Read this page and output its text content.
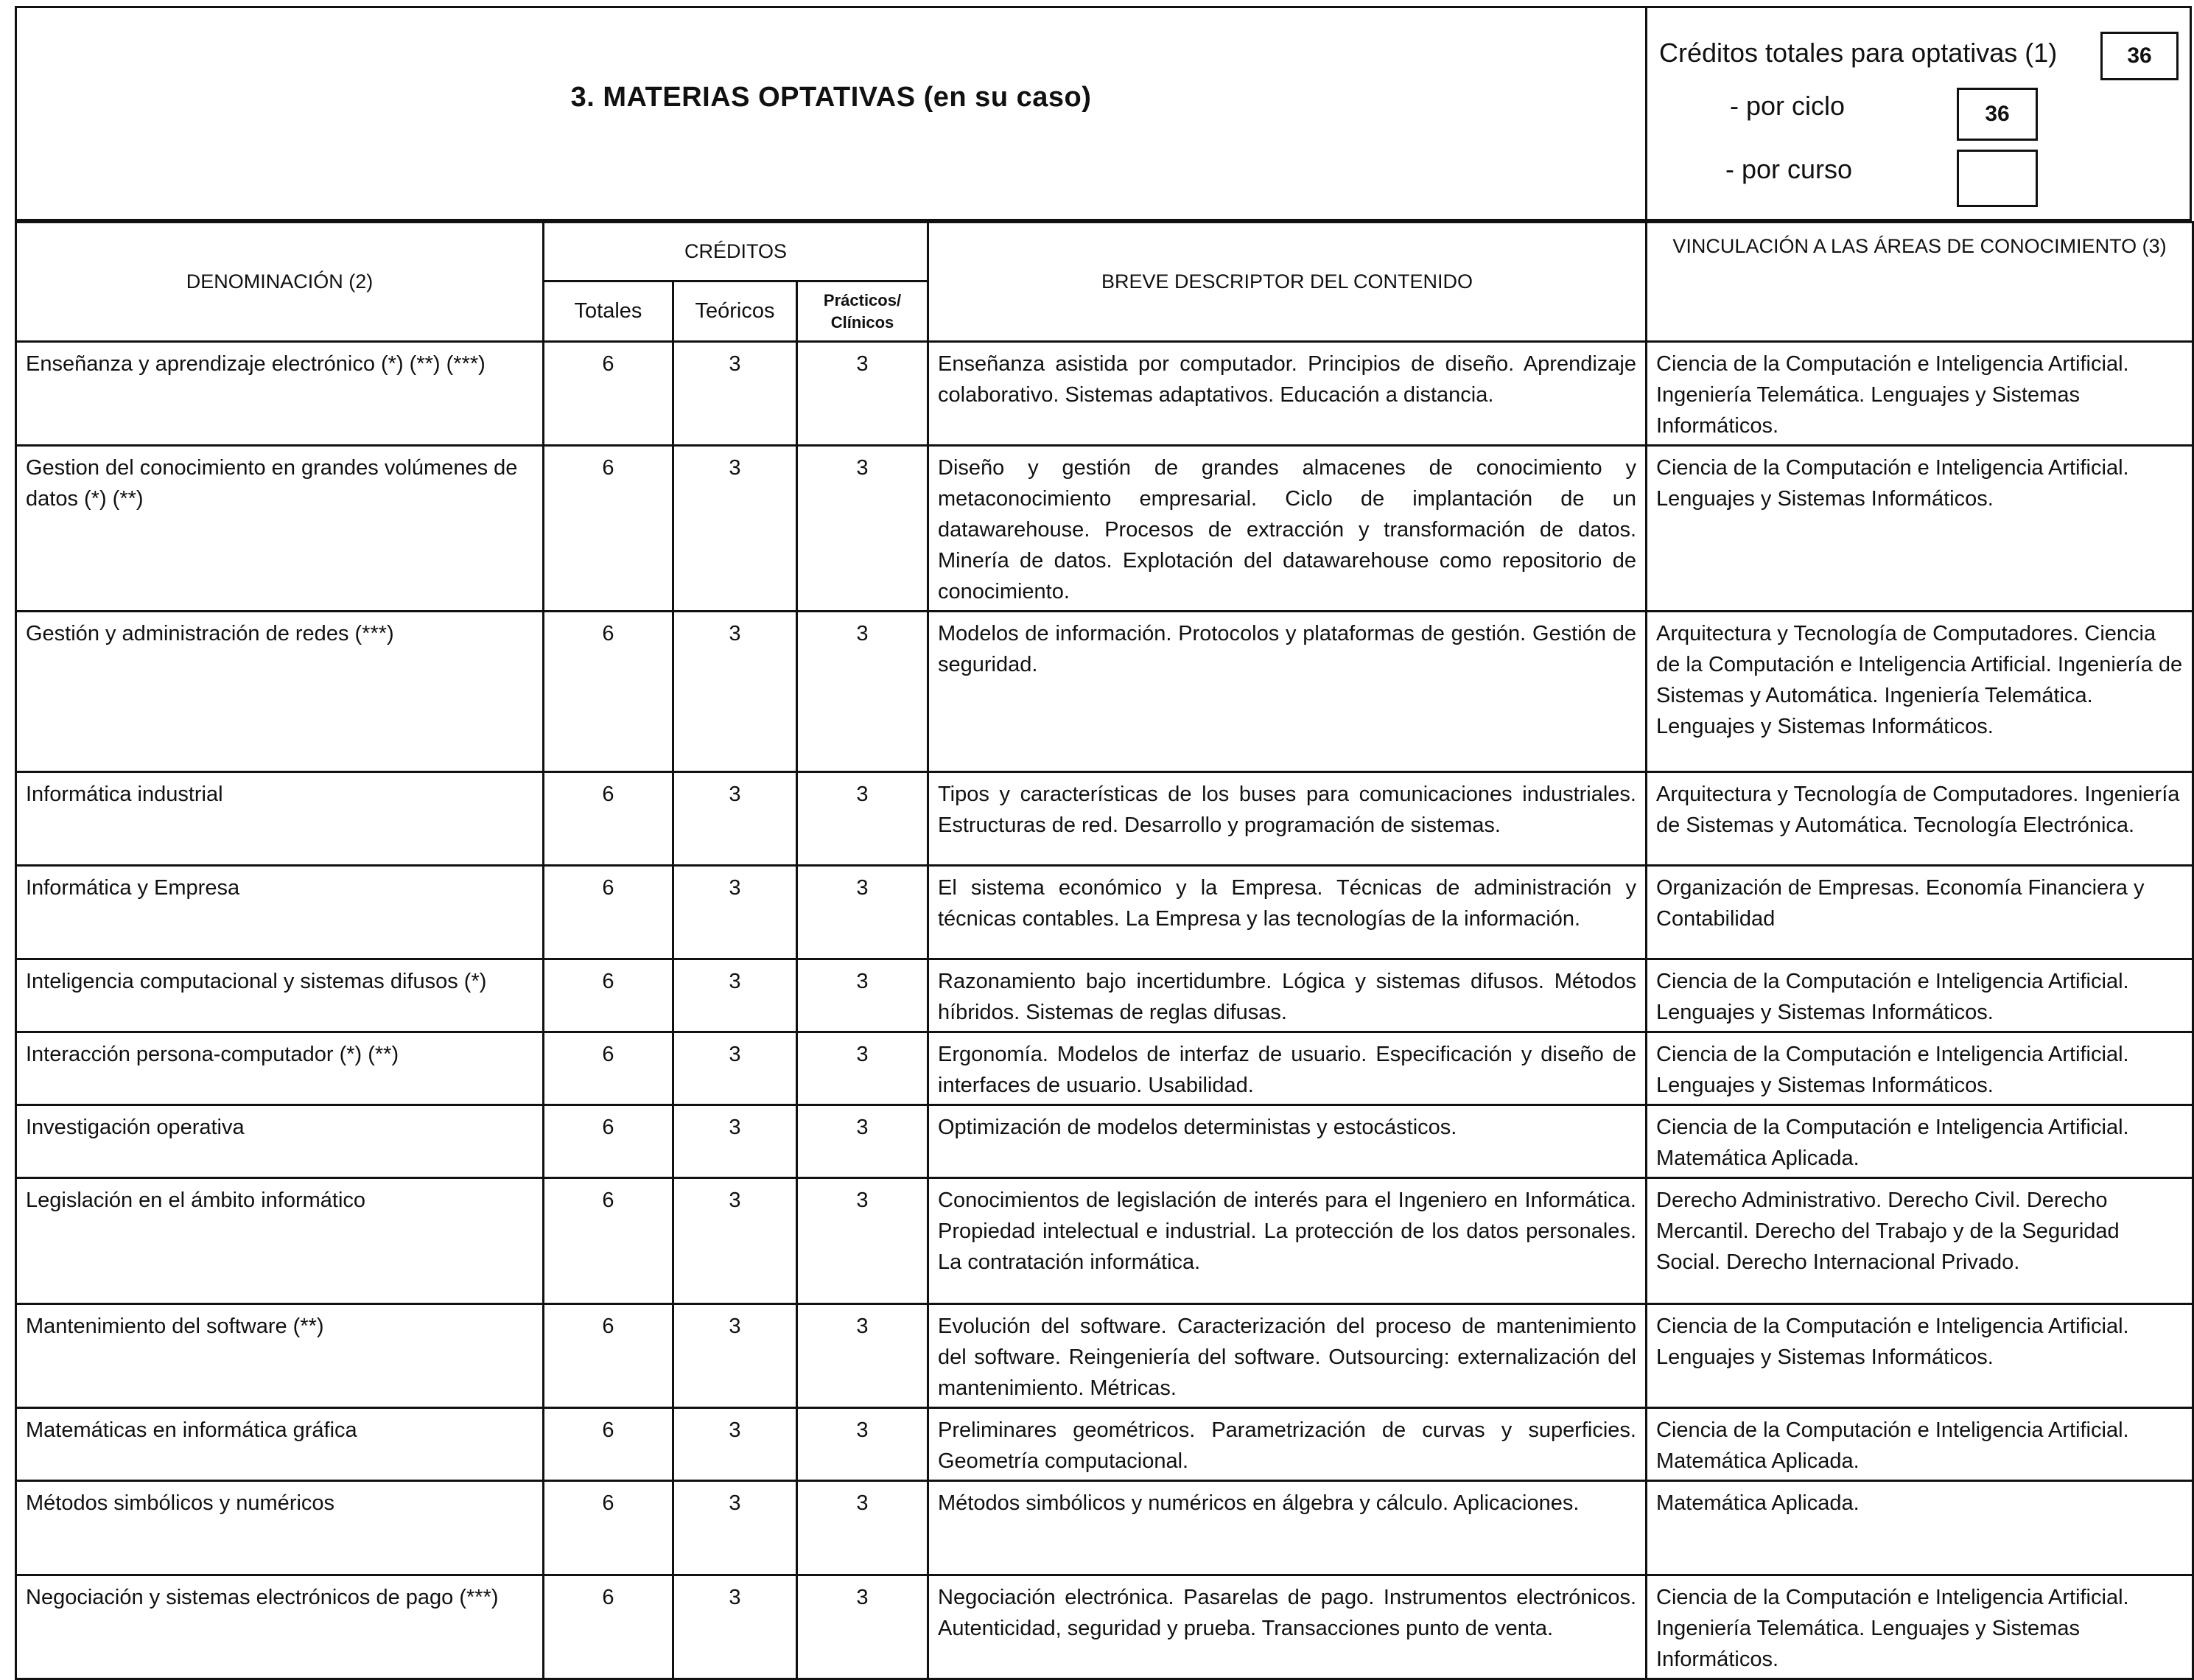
3. MATERIAS OPTATIVAS (en su caso)
Créditos totales para optativas (1)	36
- por ciclo	36
- por curso
DENOMINACIÓN (2)	CRÉDITOS			BREVE DESCRIPTOR DEL CONTENIDO	VINCULACIÓN A LAS ÁREAS DE CONOCIMIENTO (3)
	Totales	Teóricos	Prácticos/ Clínicos		
Enseñanza y aprendizaje electrónico (*) (**) (***)	6	3	3	Enseñanza asistida por computador. Principios de diseño. Aprendizaje colaborativo. Sistemas adaptativos. Educación a distancia.	Ciencia de la Computación e Inteligencia Artificial. Ingeniería Telemática. Lenguajes y Sistemas Informáticos.
Gestion del conocimiento en grandes volúmenes de datos (*) (**)	6	3	3	Diseño y gestión de grandes almacenes de conocimiento y metaconocimiento empresarial. Ciclo de implantación de un datawarehouse. Procesos de extracción y transformación de datos. Minería de datos. Explotación del datawarehouse como repositorio de conocimiento.	Ciencia de la Computación e Inteligencia Artificial. Lenguajes y Sistemas Informáticos.
Gestión y administración de redes (***)	6	3	3	Modelos de información. Protocolos y plataformas de gestión. Gestión de seguridad.	Arquitectura y Tecnología de Computadores. Ciencia de la Computación e Inteligencia Artificial. Ingeniería de Sistemas y Automática. Ingeniería Telemática. Lenguajes y Sistemas Informáticos.
Informática industrial	6	3	3	Tipos y características de los buses para comunicaciones industriales. Estructuras de red. Desarrollo y programación de sistemas.	Arquitectura y Tecnología de Computadores. Ingeniería de Sistemas y Automática. Tecnología Electrónica.
Informática y Empresa	6	3	3	El sistema económico y la Empresa. Técnicas de administración y técnicas contables. La Empresa y las tecnologías de la información.	Organización de Empresas. Economía Financiera y Contabilidad
Inteligencia computacional y sistemas difusos (*)	6	3	3	Razonamiento bajo incertidumbre. Lógica y sistemas difusos. Métodos híbridos. Sistemas de reglas difusas.	Ciencia de la Computación e Inteligencia Artificial. Lenguajes y Sistemas Informáticos.
Interacción persona-computador (*) (**)	6	3	3	Ergonomía. Modelos de interfaz de usuario. Especificación y diseño de interfaces de usuario. Usabilidad.	Ciencia de la Computación e Inteligencia Artificial. Lenguajes y Sistemas Informáticos.
Investigación operativa	6	3	3	Optimización de modelos deterministas y estocásticos.	Ciencia de la Computación e Inteligencia Artificial. Matemática Aplicada.
Legislación en el ámbito informático	6	3	3	Conocimientos de legislación de interés para el Ingeniero en Informática. Propiedad intelectual e industrial. La protección de los datos personales. La contratación informática.	Derecho Administrativo. Derecho Civil. Derecho Mercantil. Derecho del Trabajo y de la Seguridad Social. Derecho Internacional Privado.
Mantenimiento del software (**)	6	3	3	Evolución del software. Caracterización del proceso de mantenimiento del software. Reingeniería del software. Outsourcing: externalización del mantenimiento. Métricas.	Ciencia de la Computación e Inteligencia Artificial. Lenguajes y Sistemas Informáticos.
Matemáticas en informática gráfica	6	3	3	Preliminares geométricos. Parametrización de curvas y superficies. Geometría computacional.	Ciencia de la Computación e Inteligencia Artificial. Matemática Aplicada.
Métodos simbólicos y numéricos	6	3	3	Métodos simbólicos y numéricos en álgebra y cálculo. Aplicaciones.	Matemática Aplicada.
Negociación y sistemas electrónicos de pago (***)	6	3	3	Negociación electrónica. Pasarelas de pago. Instrumentos electrónicos. Autenticidad, seguridad y prueba. Transacciones punto de venta.	Ciencia de la Computación e Inteligencia Artificial. Ingeniería Telemática. Lenguajes y Sistemas Informáticos.
